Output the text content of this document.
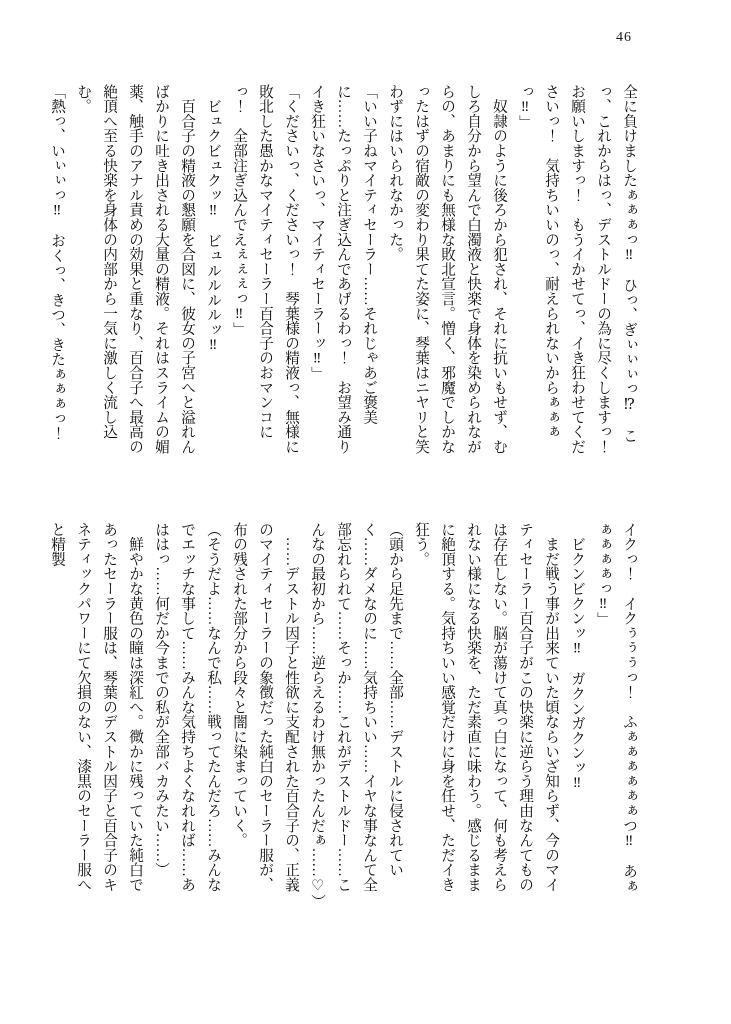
46

全に負けましたぁぁぁっ‼　ひっ、ぎぃぃぃっ⁉　こっ、これからはっ、デストルドーの為に尽くしますっ！　お願いしますっ！　もうイかせてっ、イき狂わせてくださいっ！　気持ちいいのっ、耐えられないからぁぁぁっ‼」

　奴隷のように後ろから犯され、それに抗いもせず、むしろ自分から望んで白濁液と快楽で身体を染められながらの、あまりにも無様な敗北宣言。憎く、邪魔でしかなったはずの宿敵の変わり果てた姿に、琴葉はニヤリと笑わずにはいられなかった。

「いい子ねマイティセーラー……それじゃあご褒美に……たっぷりと注ぎ込んであげるわっ！　お望み通りイき狂いなさいっ、マイティセーラーッ‼」

「くださいっ、くださいっ！　琴葉様の精液っ、無様に敗北した愚かなマイティセーラー百合子のおマンコにっ！　全部注ぎ込んでえぇぇぇっ‼」

　ビュクビュクッ‼　ビュルルルルッ‼

　百合子の精液の懇願を合図に、彼女の子宮へと溢れんばかりに吐き出される大量の精液。それはスライムの媚薬、触手のアナル責めの効果と重なり、百合子へ最高の絶頂へ至る快楽を身体の内部から一気に激しく流し込む。

「熱っ、いぃぃっ‼　おくっ、きつ、きたぁぁぁっ！

イクっ！　イクぅぅぅっ！　ふぁぁぁぁぁぁつ‼　あぁぁぁぁぁっ‼」

　ビクンビクンッ‼　ガクンガクンッ‼

　まだ戦う事が出来ていた頃ならいざ知らず、今のマイティセーラー百合子がこの快楽に逆らう理由なんてものは存在しない。脳が蕩けて真っ白になって、何も考えられない様になる快楽を、ただ素直に味わう。感じるままに絶頂する。気持ちいい感覚だけに身を任せ、ただイき狂う。

（頭から足先まで……全部……デストルに侵されていく……ダメなのに……気持ちいい……イヤな事なんて全部忘れられて……そっか……これがデストルドー……こんなの最初から……逆らえるわけ無かったんだぁ……♡）

　……デストル因子と性欲に支配された百合子の、正義のマイティセーラーの象徴だった純白のセーラー服が、布の残された部分から段々と闇に染まっていく。

（そうだよ……なんで私……戦ってたんだろ……みんなでエッチな事して……みんな気持ちよくなれれば……あははっ……何だか今までの私が全部バカみたい……）

　鮮やかな黄色の瞳は深紅へ。微かに残っていた純白であったセーラー服は、琴葉のデストル因子と百合子のキネティックパワーにて欠損のない、漆黒のセーラー服へと精製
